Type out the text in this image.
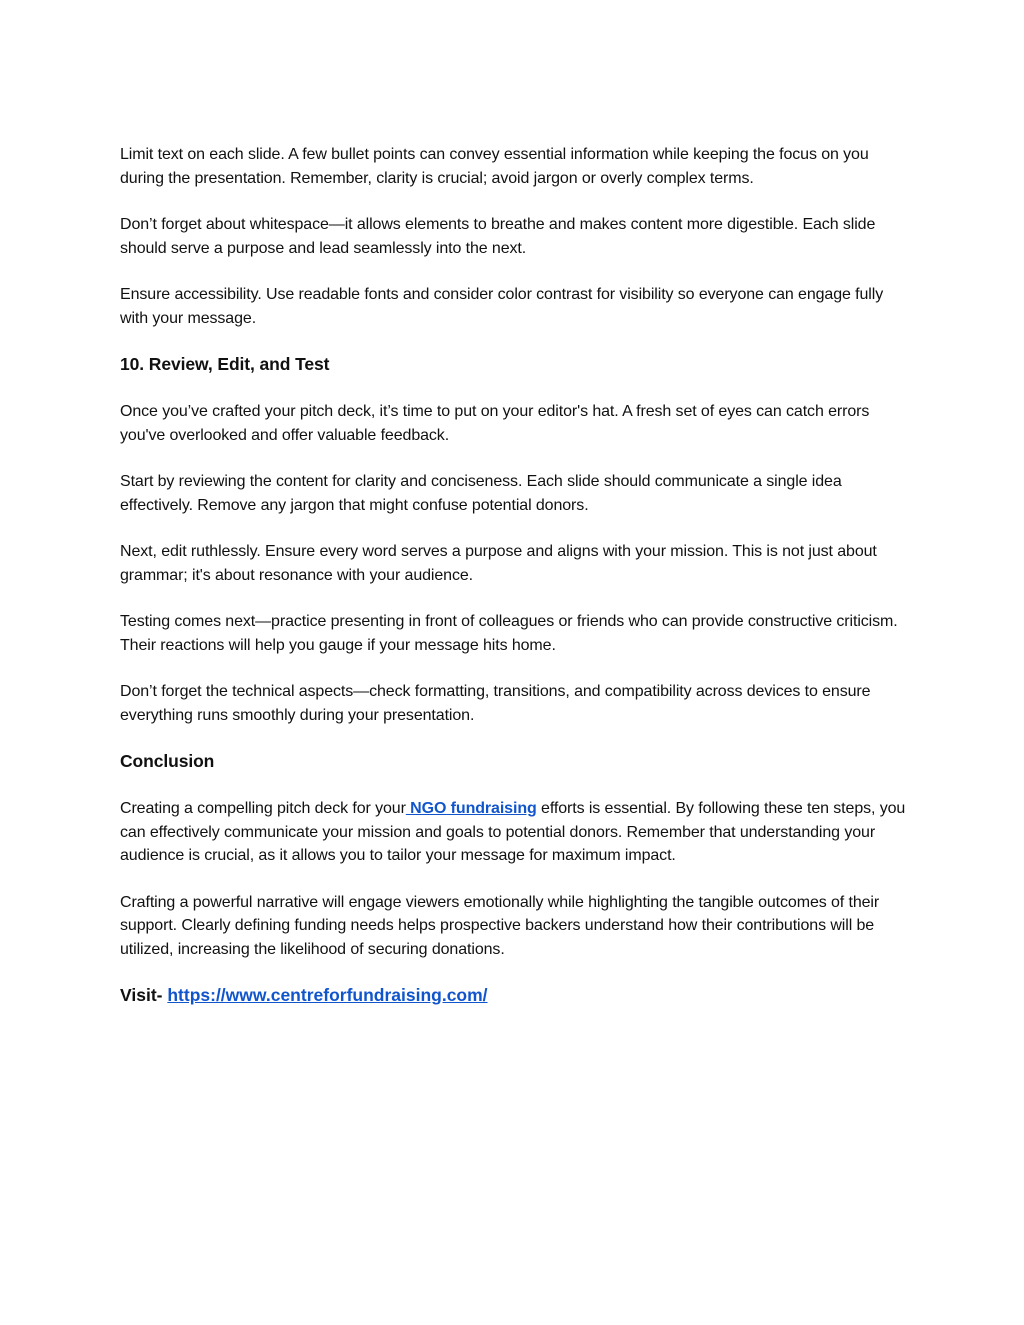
Limit text on each slide. A few bullet points can convey essential information while keeping the focus on you during the presentation. Remember, clarity is crucial; avoid jargon or overly complex terms.

Don’t forget about whitespace—it allows elements to breathe and makes content more digestible. Each slide should serve a purpose and lead seamlessly into the next.

Ensure accessibility. Use readable fonts and consider color contrast for visibility so everyone can engage fully with your message.

10. Review, Edit, and Test

Once you’ve crafted your pitch deck, it’s time to put on your editor's hat. A fresh set of eyes can catch errors you've overlooked and offer valuable feedback.

Start by reviewing the content for clarity and conciseness. Each slide should communicate a single idea effectively. Remove any jargon that might confuse potential donors.

Next, edit ruthlessly. Ensure every word serves a purpose and aligns with your mission. This is not just about grammar; it's about resonance with your audience.

Testing comes next—practice presenting in front of colleagues or friends who can provide constructive criticism. Their reactions will help you gauge if your message hits home.

Don’t forget the technical aspects—check formatting, transitions, and compatibility across devices to ensure everything runs smoothly during your presentation.

Conclusion

Creating a compelling pitch deck for your NGO fundraising efforts is essential. By following these ten steps, you can effectively communicate your mission and goals to potential donors. Remember that understanding your audience is crucial, as it allows you to tailor your message for maximum impact.

Crafting a powerful narrative will engage viewers emotionally while highlighting the tangible outcomes of their support. Clearly defining funding needs helps prospective backers understand how their contributions will be utilized, increasing the likelihood of securing donations.

Visit- https://www.centreforfundraising.com/
